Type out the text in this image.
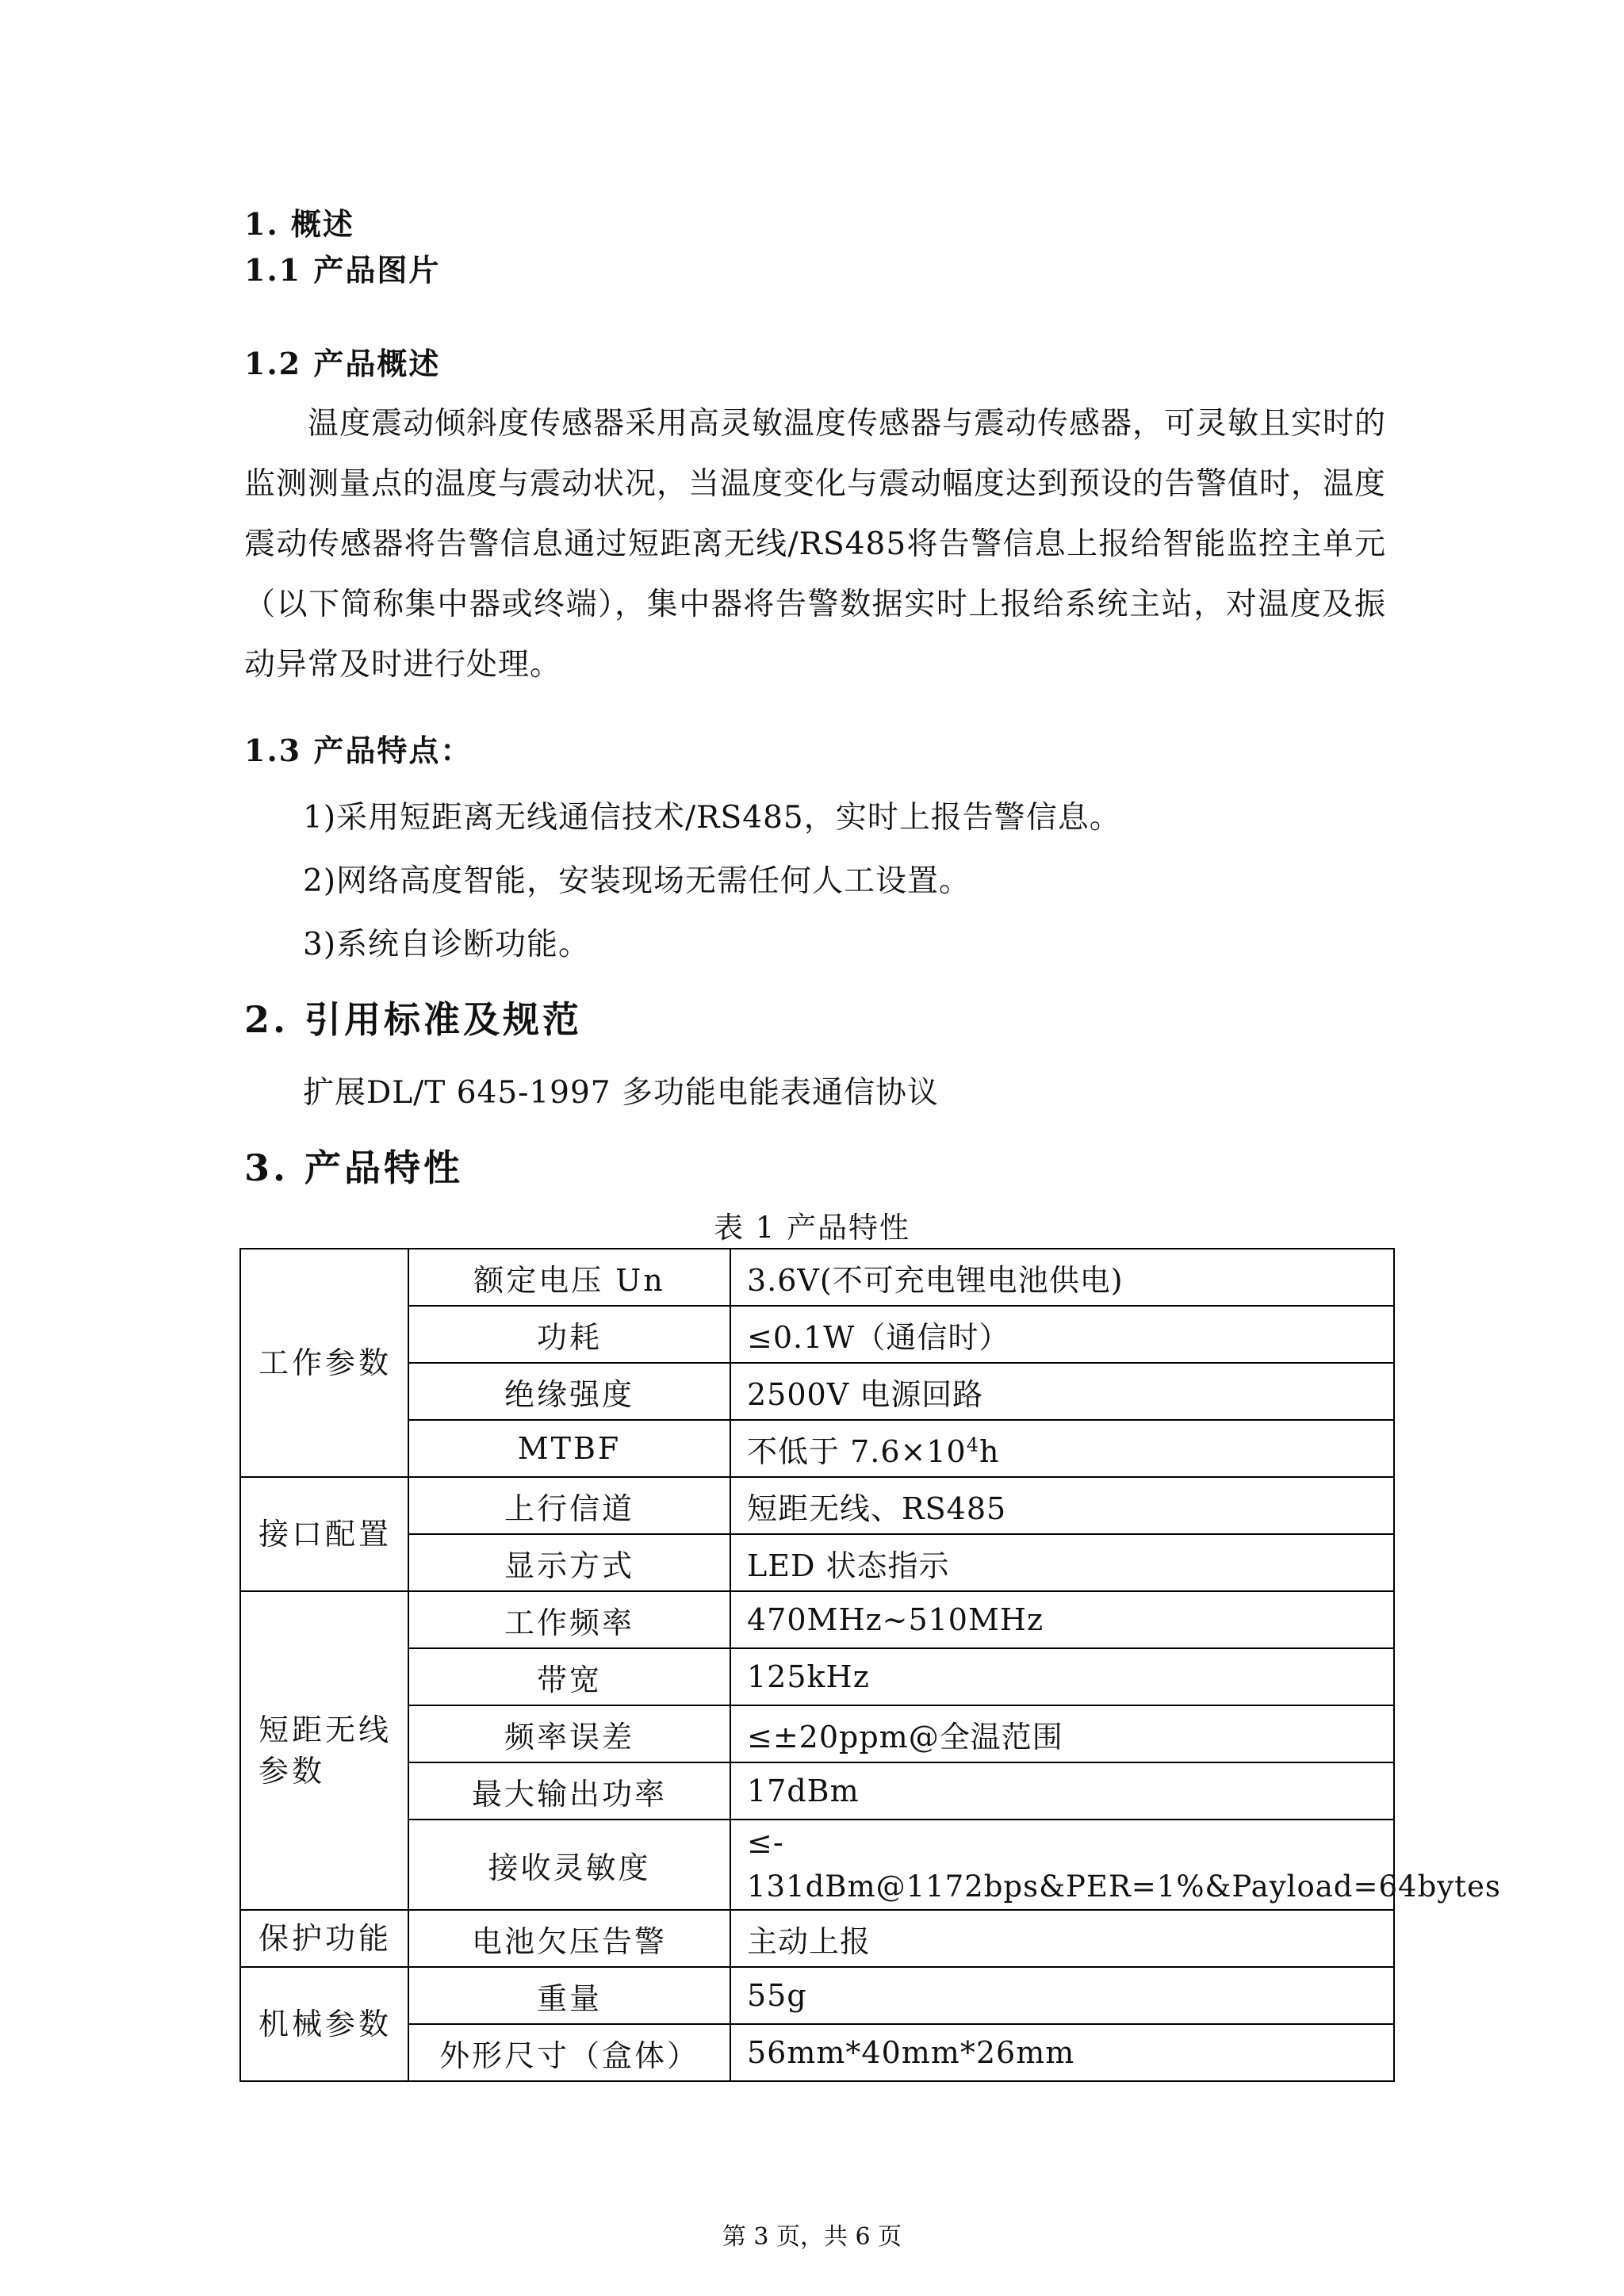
1. 概述
1.1 产品图片
1.2 产品概述
温度震动倾斜度传感器采用高灵敏温度传感器与震动传感器，可灵敏且实时的监测测量点的温度与震动状况，当温度变化与震动幅度达到预设的告警值时，温度震动传感器将告警信息通过短距离无线/RS485将告警信息上报给智能监控主单元（以下简称集中器或终端），集中器将告警数据实时上报给系统主站，对温度及振动异常及时进行处理。
1.3 产品特点：
1)采用短距离无线通信技术/RS485，实时上报告警信息。
2)网络高度智能，安装现场无需任何人工设置。
3)系统自诊断功能。
2. 引用标准及规范
扩展DL/T 645-1997 多功能电能表通信协议
3. 产品特性
表 1 产品特性
工作参数	额定电压 Un	3.6V(不可充电锂电池供电)
	功耗	≤0.1W（通信时）
	绝缘强度	2500V 电源回路
	MTBF	不低于 $7.6\times 10^4h$
接口配置	上行信道	短距无线、RS485
	显示方式	LED 状态指示

短距无线参数	工作频率	470MHz~510MHz
	带宽	125kHz
	频率误差	≤±20ppm@全温范围
	最大输出功率	17dBm
	接收灵敏度	≤-
131dBm@1172bps&PER=1%&Payload=64bytes

保护功能	电池欠压告警	主动上报
机械参数	重量	55g
	外形尺寸（盒体）	56mm*40mm*26mm
第 3 页，共 6 页
